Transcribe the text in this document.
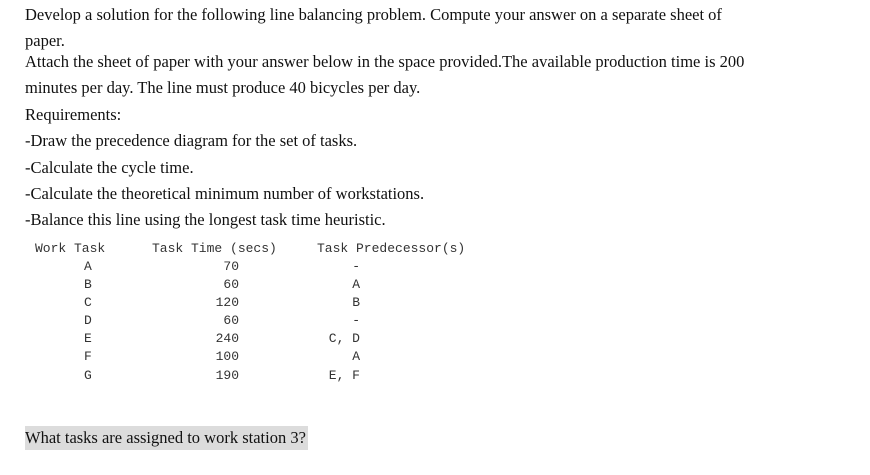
Develop a solution for the following line balancing problem. Compute your answer on a separate sheet of
paper.
Attach the sheet of paper with your answer below in the space provided.The available production time is 200
minutes per day. The line must produce 40 bicycles per day.
Requirements:
-Draw the precedence diagram for the set of tasks.
-Calculate the cycle time.
-Calculate the theoretical minimum number of workstations.
-Balance this line using the longest task time heuristic.
Work Task	Task Time (secs)	Task Predecessor(s)
A	70	-
B	60	A
C	120	B
D	60	-
E	240	C, D
F	100	A
G	190	E, F
What tasks are assigned to work station 3?
